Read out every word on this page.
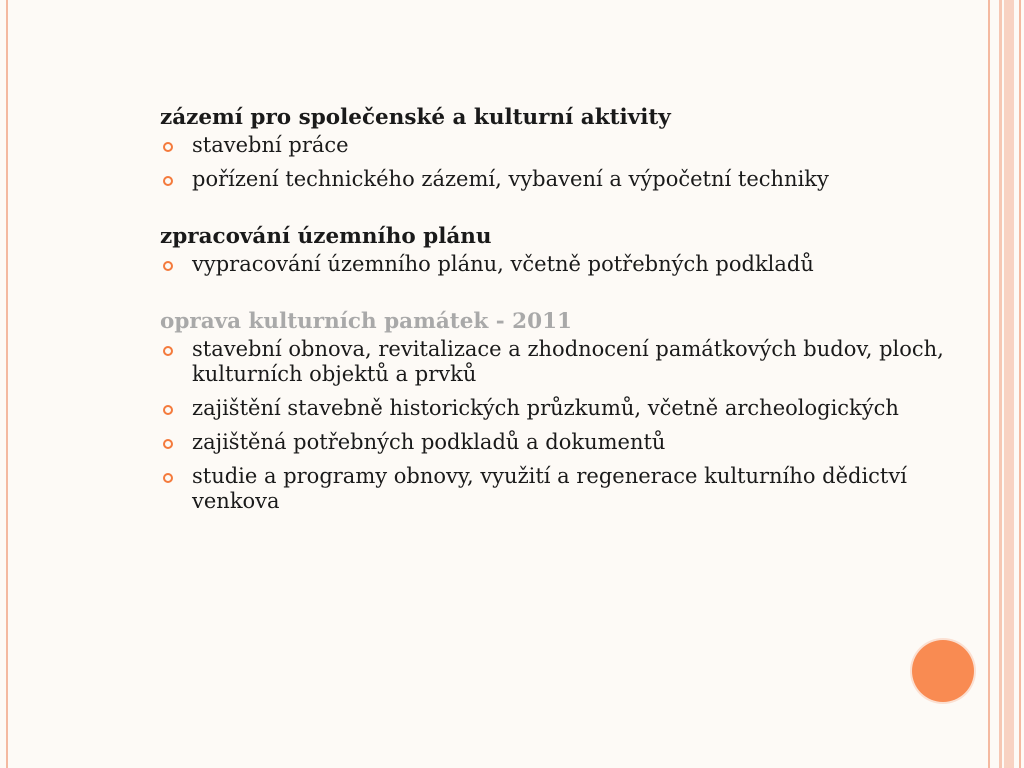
zázemí pro společenské a kulturní aktivity
stavební práce
pořízení technického zázemí, vybavení a výpočetní techniky
zpracování územního plánu
vypracování územního plánu, včetně potřebných podkladů
oprava kulturních památek - 2011
stavební obnova, revitalizace a zhodnocení památkových budov, ploch, kulturních objektů a prvků
zajištění stavebně historických průzkumů, včetně archeologických
zajištěná potřebných podkladů a dokumentů
studie a programy obnovy, využití a regenerace kulturního dědictví venkova
